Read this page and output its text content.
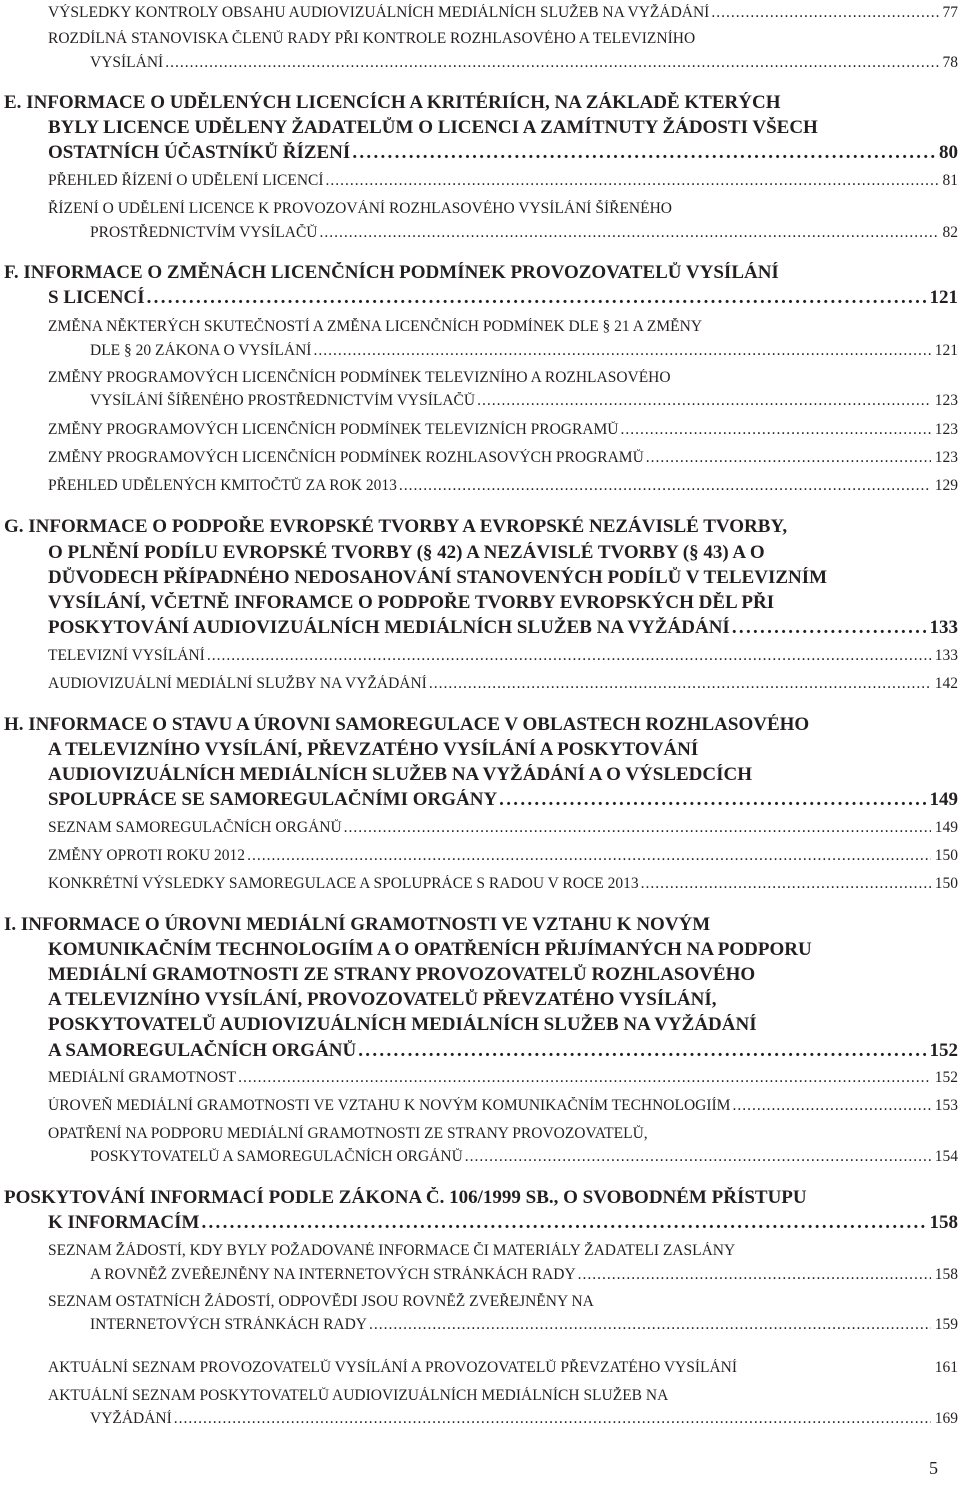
VÝSLEDKY KONTROLY OBSAHU AUDIOVIZUÁLNÍCH MEDIÁLNÍCH SLUŽEB NA VYŽÁDÁNÍ .....	77
ROZDÍLNÁ STANOVISKA ČLENŮ RADY PŘI KONTROLE ROZHLASOVÉHO A TELEVIZNÍHO
VYSÍLÁNÍ .....	78
E. INFORMACE O UDĚLENÝCH LICENCÍCH A KRITÉRIÍCH, NA ZÁKLADĚ KTERÝCH
BYLY LICENCE UDĚLENY ŽADATELŮM O LICENCI A ZAMÍTNUTY ŽÁDOSTI VŠECH
OSTATNÍCH ÚČASTNÍKŮ ŘÍZENÍ .....	80
PŘEHLED ŘÍZENÍ O UDĚLENÍ LICENCÍ .....	81
ŘÍZENÍ O UDĚLENÍ LICENCE K PROVOZOVÁNÍ ROZHLASOVÉHO VYSÍLÁNÍ ŠÍŘENÉHO
PROSTŘEDNICTVÍM VYSÍLAČŮ .....	82
F. INFORMACE O ZMĚNÁCH LICENČNÍCH PODMÍNEK PROVOZOVATELŮ VYSÍLÁNÍ
S LICENCÍ .....	121
ZMĚNA NĚKTERÝCH SKUTEČNOSTÍ A ZMĚNA LICENČNÍCH PODMÍNEK DLE § 21 A ZMĚNY
DLE § 20 ZÁKONA O VYSÍLÁNÍ .....	121
ZMĚNY PROGRAMOVÝCH LICENČNÍCH PODMÍNEK TELEVIZNÍHO A ROZHLASOVÉHO
VYSÍLÁNÍ ŠÍŘENÉHO PROSTŘEDNICTVÍM VYSÍLAČŮ .....	123
ZMĚNY PROGRAMOVÝCH LICENČNÍCH PODMÍNEK TELEVIZNÍCH PROGRAMŮ .....	123
ZMĚNY PROGRAMOVÝCH LICENČNÍCH PODMÍNEK ROZHLASOVÝCH PROGRAMŮ .....	123
PŘEHLED UDĚLENÝCH KMITOČTŮ ZA ROK 2013 .....	129
G. INFORMACE O PODPOŘE EVROPSKÉ TVORBY A EVROPSKÉ NEZÁVISLÉ TVORBY,
O PLNĚNÍ PODÍLU EVROPSKÉ TVORBY (§ 42) A NEZÁVISLÉ TVORBY (§ 43) A O
DŮVODECH PŘÍPADNÉHO NEDOSAHOVÁNÍ STANOVENÝCH PODÍLŮ V TELEVIZNÍM
VYSÍLÁNÍ, VČETNĚ INFORAMCE O PODPOŘE TVORBY EVROPSKÝCH DĚL PŘI
POSKYTOVÁNÍ AUDIOVIZUÁLNÍCH MEDIÁLNÍCH SLUŽEB NA VYŽÁDÁNÍ .....	133
TELEVIZNÍ VYSÍLÁNÍ .....	133
AUDIOVIZUÁLNÍ MEDIÁLNÍ SLUŽBY NA VYŽÁDÁNÍ .....	142
H. INFORMACE O STAVU A ÚROVNI SAMOREGULACE V OBLASTECH ROZHLASOVÉHO
A TELEVIZNÍHO VYSÍLÁNÍ, PŘEVZATÉHO VYSÍLÁNÍ A POSKYTOVÁNÍ
AUDIOVIZUÁLNÍCH MEDIÁLNÍCH SLUŽEB NA VYŽÁDÁNÍ A O VÝSLEDCÍCH
SPOLUPRÁCE SE SAMOREGULAČNÍMI ORGÁNY .....	149
SEZNAM SAMOREGULAČNÍCH ORGÁNŮ .....	149
ZMĚNY OPROTI ROKU 2012 .....	150
KONKRÉTNÍ VÝSLEDKY SAMOREGULACE A SPOLUPRÁCE S RADOU V ROCE 2013 .....	150
I. INFORMACE O ÚROVNI MEDIÁLNÍ GRAMOTNOSTI VE VZTAHU K NOVÝM
KOMUNIKAČNÍM TECHNOLOGIÍM A O OPATŘENÍCH PŘIJÍMANÝCH NA PODPORU
MEDIÁLNÍ GRAMOTNOSTI ZE STRANY PROVOZOVATELŮ ROZHLASOVÉHO
A TELEVIZNÍHO VYSÍLÁNÍ, PROVOZOVATELŮ PŘEVZATÉHO VYSÍLÁNÍ,
POSKYTOVATELŮ AUDIOVIZUÁLNÍCH MEDIÁLNÍCH SLUŽEB NA VYŽÁDÁNÍ
A SAMOREGULAČNÍCH ORGÁNŮ .....	152
MEDIÁLNÍ GRAMOTNOST .....	152
ÚROVEŇ MEDIÁLNÍ GRAMOTNOSTI VE VZTAHU K NOVÝM KOMUNIKAČNÍM TECHNOLOGIÍM .....	153
OPATŘENÍ NA PODPORU MEDIÁLNÍ GRAMOTNOSTI ZE STRANY PROVOZOVATELŮ,
POSKYTOVATELŮ A SAMOREGULAČNÍCH ORGÁNŮ .....	154
POSKYTOVÁNÍ INFORMACÍ PODLE ZÁKONA Č. 106/1999 SB., O SVOBODNÉM PŘÍSTUPU
K INFORMACÍM .....	158
SEZNAM ŽÁDOSTÍ, KDY BYLY POŽADOVANÉ INFORMACE ČI MATERIÁLY ŽADATELI ZASLÁNY
A ROVNĚŽ ZVEŘEJNĚNY NA INTERNETOVÝCH STRÁNKÁCH RADY .....	158
SEZNAM OSTATNÍCH ŽÁDOSTÍ, ODPOVĚDI JSOU ROVNĚŽ ZVEŘEJNĚNY NA
INTERNETOVÝCH STRÁNKÁCH RADY .....	159
AKTUÁLNÍ SEZNAM PROVOZOVATELŮ VYSÍLÁNÍ A PROVOZOVATELŮ PŘEVZATÉHO VYSÍLÁNÍ	161
AKTUÁLNÍ SEZNAM POSKYTOVATELŮ AUDIOVIZUÁLNÍCH MEDIÁLNÍCH SLUŽEB NA
VYŽÁDÁNÍ .....	169
5
